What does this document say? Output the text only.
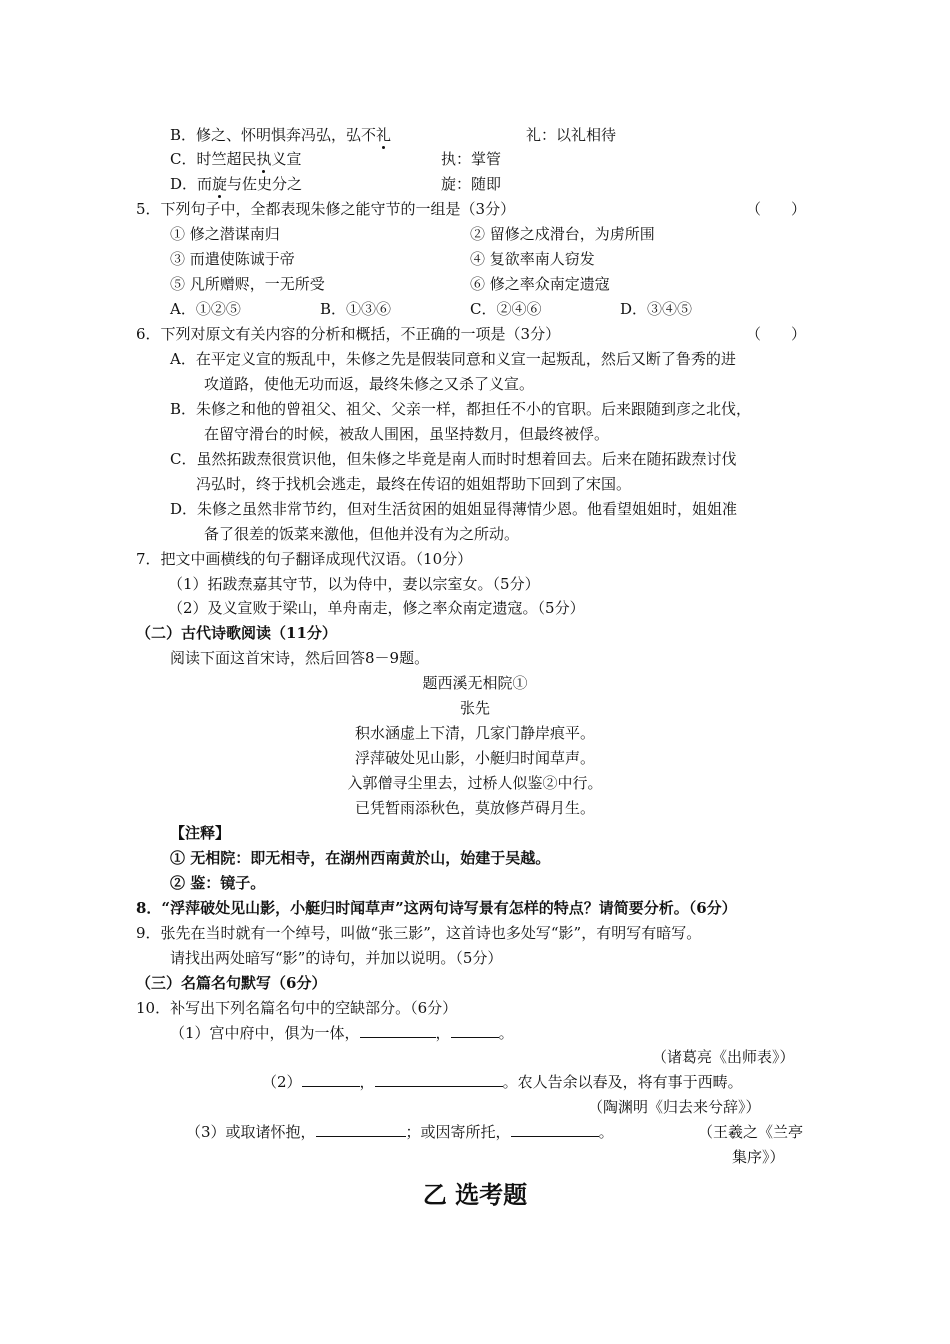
B．修之、怀明惧奔冯弘，弘不礼	礼：以礼相待
C．时竺超民执义宣	执：掌管
D．而旋与佐史分之	旋：随即
5．下列句子中，全都表现朱修之能守节的一组是（3分）	（　　）
① 修之潜谋南归	② 留修之戍滑台，为虏所围
③ 而遣使陈诚于帝	④ 复欲率南人窃发
⑤ 凡所赠赆，一无所受	⑥ 修之率众南定遗寇
A．①②⑤	B．①③⑥	C．②④⑥	D．③④⑤
6．下列对原文有关内容的分析和概括，不正确的一项是（3分）	（　　）
A．在平定义宣的叛乱中，朱修之先是假装同意和义宣一起叛乱，然后又断了鲁秀的进
攻道路，使他无功而返，最终朱修之又杀了义宣。
B．朱修之和他的曾祖父、祖父、父亲一样，都担任不小的官职。后来跟随到彦之北伐，
在留守滑台的时候，被敌人围困，虽坚持数月，但最终被俘。
C．虽然拓跋焘很赏识他，但朱修之毕竟是南人而时时想着回去。后来在随拓跋焘讨伐
冯弘时，终于找机会逃走，最终在传诏的姐姐帮助下回到了宋国。
D．朱修之虽然非常节约，但对生活贫困的姐姐显得薄情少恩。他看望姐姐时，姐姐准
备了很差的饭菜来激他，但他并没有为之所动。
7．把文中画横线的句子翻译成现代汉语。（10分）
（1）拓跋焘嘉其守节，以为侍中，妻以宗室女。（5分）
（2）及义宣败于梁山，单舟南走，修之率众南定遗寇。（5分）
（二）古代诗歌阅读（11分）
阅读下面这首宋诗，然后回答8－9题。
题西溪无相院①
张先
积水涵虚上下清，几家门静岸痕平。
浮萍破处见山影，小艇归时闻草声。
入郭僧寻尘里去，过桥人似鉴②中行。
已凭暂雨添秋色，莫放修芦碍月生。
【注释】
① 无相院：即无相寺，在湖州西南黄於山，始建于吴越。
② 鉴：镜子。
8．“浮萍破处见山影，小艇归时闻草声”这两句诗写景有怎样的特点？请简要分析。（6分）
9．张先在当时就有一个绰号，叫做“张三影”，这首诗也多处写“影”，有明写有暗写。
请找出两处暗写“影”的诗句，并加以说明。（5分）
（三）名篇名句默写（6分）
10．补写出下列名篇名句中的空缺部分。（6分）
（1）宫中府中，俱为一体，	，	。
（诸葛亮《出师表》）
（2）	，	。农人告余以春及，将有事于西畴。
（陶渊明《归去来兮辞》）
（3）或取诸怀抱，	；或因寄所托，	。	（王羲之《兰亭
集序》）
乙 选考题
